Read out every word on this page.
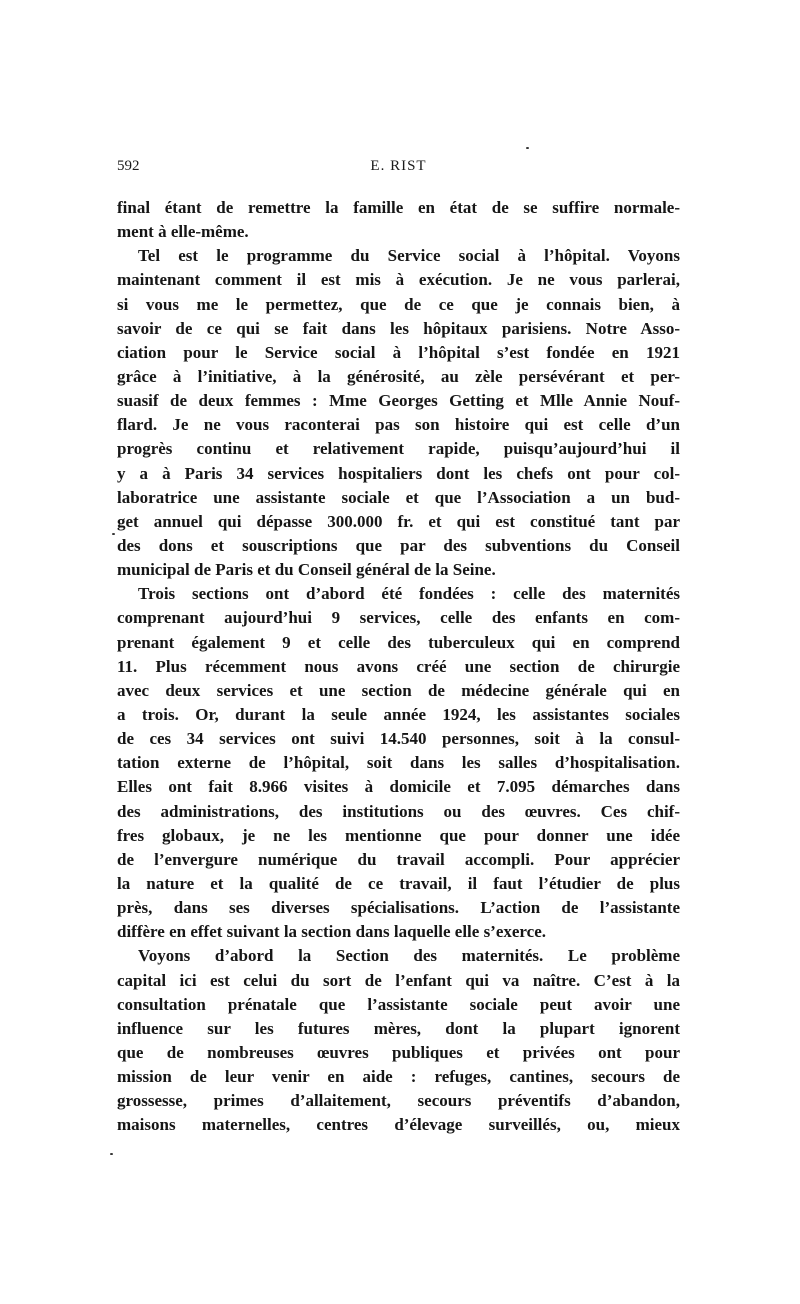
592	E. RIST
final étant de remettre la famille en état de se suffire normale-
ment à elle-même.
Tel est le programme du Service social à l’hôpital. Voyons
maintenant comment il est mis à exécution. Je ne vous parlerai,
si vous me le permettez, que de ce que je connais bien, à
savoir de ce qui se fait dans les hôpitaux parisiens. Notre Asso-
ciation pour le Service social à l’hôpital s’est fondée en 1921
grâce à l’initiative, à la générosité, au zèle persévérant et per-
suasif de deux femmes : Mme Georges Getting et Mlle Annie Nouf-
flard. Je ne vous raconterai pas son histoire qui est celle d’un
progrès continu et relativement rapide, puisqu’aujourd’hui il
y a à Paris 34 services hospitaliers dont les chefs ont pour col-
laboratrice une assistante sociale et que l’Association a un bud-
get annuel qui dépasse 300.000 fr. et qui est constitué tant par
des dons et souscriptions que par des subventions du Conseil
municipal de Paris et du Conseil général de la Seine.
Trois sections ont d’abord été fondées : celle des maternités
comprenant aujourd’hui 9 services, celle des enfants en com-
prenant également 9 et celle des tuberculeux qui en comprend
11. Plus récemment nous avons créé une section de chirurgie
avec deux services et une section de médecine générale qui en
a trois. Or, durant la seule année 1924, les assistantes sociales
de ces 34 services ont suivi 14.540 personnes, soit à la consul-
tation externe de l’hôpital, soit dans les salles d’hospitalisation.
Elles ont fait 8.966 visites à domicile et 7.095 démarches dans
des administrations, des institutions ou des œuvres. Ces chif-
fres globaux, je ne les mentionne que pour donner une idée
de l’envergure numérique du travail accompli. Pour apprécier
la nature et la qualité de ce travail, il faut l’étudier de plus
près, dans ses diverses spécialisations. L’action de l’assistante
diffère en effet suivant la section dans laquelle elle s’exerce.
Voyons d’abord la Section des maternités. Le problème
capital ici est celui du sort de l’enfant qui va naître. C’est à la
consultation prénatale que l’assistante sociale peut avoir une
influence sur les futures mères, dont la plupart ignorent
que de nombreuses œuvres publiques et privées ont pour
mission de leur venir en aide : refuges, cantines, secours de
grossesse, primes d’allaitement, secours préventifs d’abandon,
maisons maternelles, centres d’élevage surveillés, ou, mieux
